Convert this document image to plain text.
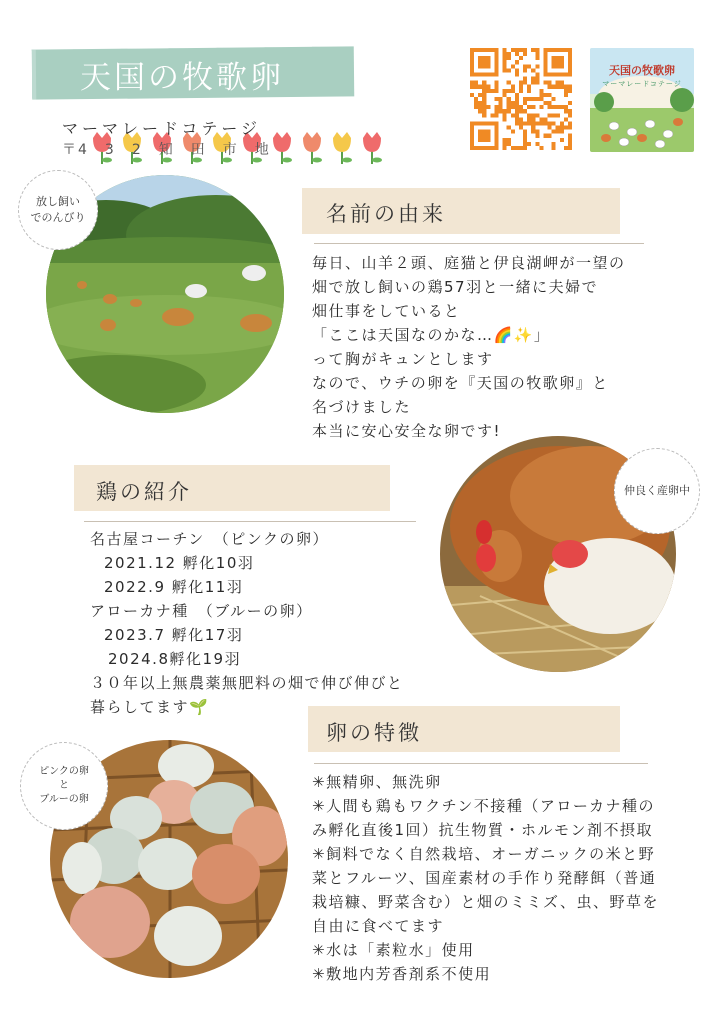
天国の牧歌卵
マーマレードコテージ
〒4　3　2　知　田　市　地　　　
天国の牧歌卵
マーマレードコテージ
放し飼い
でのんびり	名前の由来
毎日、山羊２頭、庭猫と伊良湖岬が一望の
畑で放し飼いの鶏57羽と一緒に夫婦で
畑仕事をしていると
「ここは天国なのかな…🌈✨」
って胸がキュンとします
なので、ウチの卵を『天国の牧歌卵』と
名づけました
本当に安心安全な卵です!
仲良く産卵中
鶏の紹介
名古屋コーチン　（ピンクの卵）
2021.12 孵化10羽
2022.9 孵化11羽
アローカナ種　（ブルーの卵）
2023.7 孵化17羽
2024.8孵化19羽
３０年以上無農薬無肥料の畑で伸び伸びと
暮らしてます🌱
ピンクの卵
と
ブルーの卵
卵の特徴
✳無精卵、無洗卵
✳人間も鶏もワクチン不接種（アローカナ種の
み孵化直後1回）抗生物質・ホルモン剤不摂取
✳飼料でなく自然栽培、オーガニックの米と野
菜とフルーツ、国産素材の手作り発酵餌（普通
栽培糠、野菜含む）と畑のミミズ、虫、野草を
自由に食べてます
✳水は「素粒水」使用
✳敷地内芳香剤系不使用
